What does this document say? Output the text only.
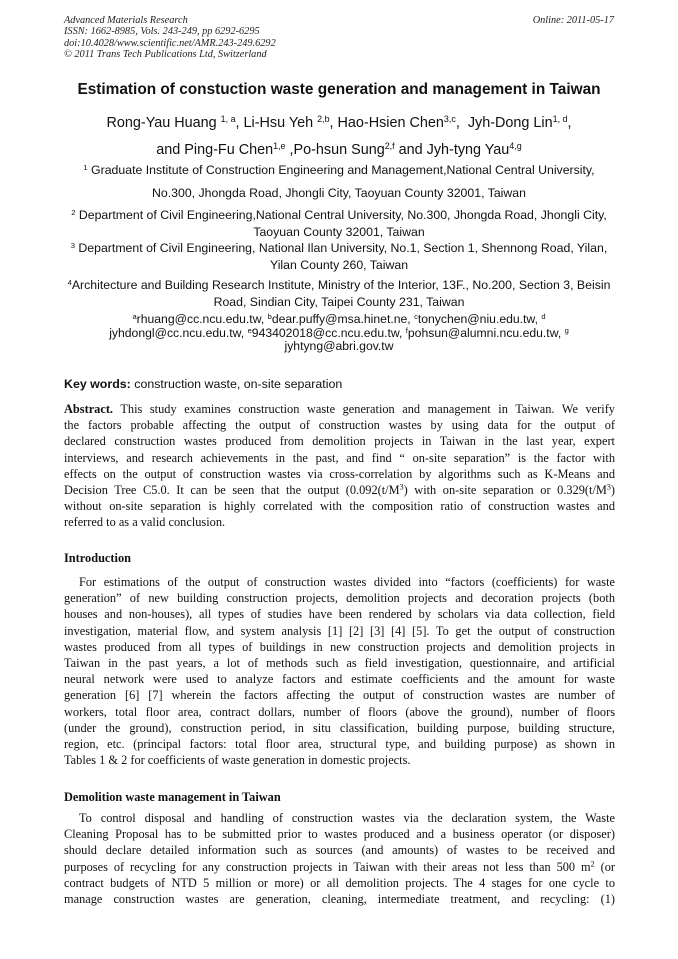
Advanced Materials Research
ISSN: 1662-8985, Vols. 243-249, pp 6292-6295
doi:10.4028/www.scientific.net/AMR.243-249.6292
© 2011 Trans Tech Publications Ltd, Switzerland
Online: 2011-05-17
Estimation of constuction waste generation and management in Taiwan
Rong-Yau Huang $^{1, a}$, Li-Hsu Yeh $^{2,b}$, Hao-Hsien Chen$^{3,c}$,  Jyh-Dong Lin$^{1, d}$,
and Ping-Fu Chen$^{1,e}$ ,Po-hsun Sung$^{2,f}$ and Jyh-tyng Yau$^{4,g}$
$^1$ Graduate Institute of Construction Engineering and Management,National Central University,
No.300, Jhongda Road, Jhongli City, Taoyuan County 32001, Taiwan
$^2$ Department of Civil Engineering,National Central University, No.300, Jhongda Road, Jhongli City,
Taoyuan County 32001, Taiwan
$^3$ Department of Civil Engineering, National Ilan University, No.1, Section 1, Shennong Road, Yilan,
Yilan County 260, Taiwan
$^4$Architecture and Building Research Institute, Ministry of the Interior, 13F., No.200, Section 3, Beisin
Road, Sindian City, Taipei County 231, Taiwan
$^a$rhuang@cc.ncu.edu.tw, $^b$dear.puffy@msa.hinet.ne, $^c$tonychen@niu.edu.tw, $^d$
jyhdongl@cc.ncu.edu.tw, $^e$943402018@cc.ncu.edu.tw, $^f$pohsun@alumni.ncu.edu.tw, $^g$
jyhtyng@abri.gov.tw
Key words: construction waste, on-site separation
Abstract. This study examines construction waste generation and management in Taiwan. We verify
the factors probable affecting the output of construction wastes by using data for the output of
declared construction wastes produced from demolition projects in Taiwan in the last year, expert
interviews, and research achievements in the past, and find “ on-site separation” is the factor with
effects on the output of construction wastes via cross-correlation by algorithms such as K-Means and
Decision Tree C5.0. It can be seen that the output ($0.092(t/M^3)$ with on-site separation or $0.329(t/M^3)$
without on-site separation is highly correlated with the composition ratio of construction wastes and
referred to as a valid conclusion.
Introduction
For estimations of the output of construction wastes divided into “factors (coefficients) for waste
generation” of new building construction projects, demolition projects and decoration projects (both
houses and non-houses), all types of studies have been rendered by scholars via data collection, field
investigation, material flow, and system analysis [1] [2] [3] [4] [5]. To get the output of construction
wastes produced from all types of buildings in new construction projects and demolition projects in
Taiwan in the past years, a lot of methods such as field investigation, questionnaire, and artificial
neural network were used to analyze factors and estimate coefficients and the amount for waste
generation [6] [7] wherein the factors affecting the output of construction wastes are number of
workers, total floor area, contract dollars, number of floors (above the ground), number of floors
(under the ground), construction period, in situ classification, building purpose, building structure,
region, etc. (principal factors: total floor area, structural type, and building purpose) as shown in
Tables 1 & 2 for coefficients of waste generation in domestic projects.
Demolition waste management in Taiwan
To control disposal and handling of construction wastes via the declaration system, the Waste
Cleaning Proposal has to be submitted prior to wastes produced and a business operator (or disposer)
should declare detailed information such as sources (and amounts) of wastes to be received and
purposes of recycling for any construction projects in Taiwan with their areas not less than 500 $m^2$ (or
contract budgets of NTD 5 million or more) or all demolition projects. The 4 stages for one cycle to
manage construction wastes are generation, cleaning, intermediate treatment, and recycling: (1)
